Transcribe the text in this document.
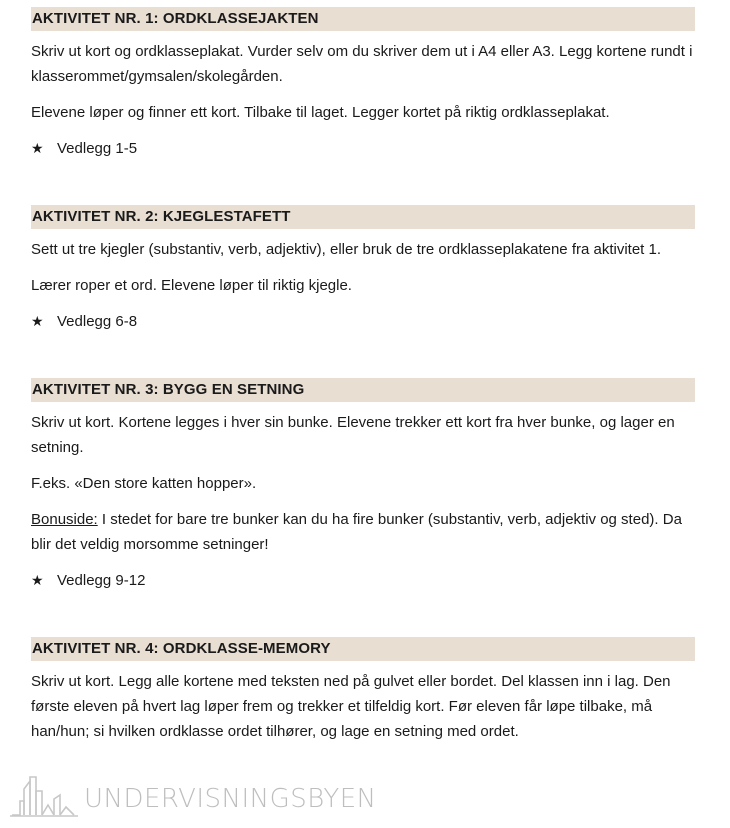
AKTIVITET NR. 1: ORDKLASSEJAKTEN

Skriv ut kort og ordklasseplakat. Vurder selv om du skriver dem ut i A4 eller A3. Legg kortene rundt i klasserommet/gymsalen/skolegården.

Elevene løper og finner ett kort. Tilbake til laget. Legger kortet på riktig ordklasseplakat.

★ Vedlegg 1-5
AKTIVITET NR. 2: KJEGLESTAFETT

Sett ut tre kjegler (substantiv, verb, adjektiv), eller bruk de tre ordklasseplakatene fra aktivitet 1.

Lærer roper et ord. Elevene løper til riktig kjegle.

★ Vedlegg 6-8
AKTIVITET NR. 3: BYGG EN SETNING

Skriv ut kort. Kortene legges i hver sin bunke. Elevene trekker ett kort fra hver bunke, og lager en setning.

F.eks. «Den store katten hopper».

Bonuside: I stedet for bare tre bunker kan du ha fire bunker (substantiv, verb, adjektiv og sted). Da blir det veldig morsomme setninger!

★ Vedlegg 9-12
AKTIVITET NR. 4: ORDKLASSE-MEMORY

Skriv ut kort. Legg alle kortene med teksten ned på gulvet eller bordet. Del klassen inn i lag. Den første eleven på hvert lag løper frem og trekker et tilfeldig kort. Før eleven får løpe tilbake, må han/hun; si hvilken ordklasse ordet tilhører, og lage en setning med ordet.

UNDERVISNINGSBYEN
